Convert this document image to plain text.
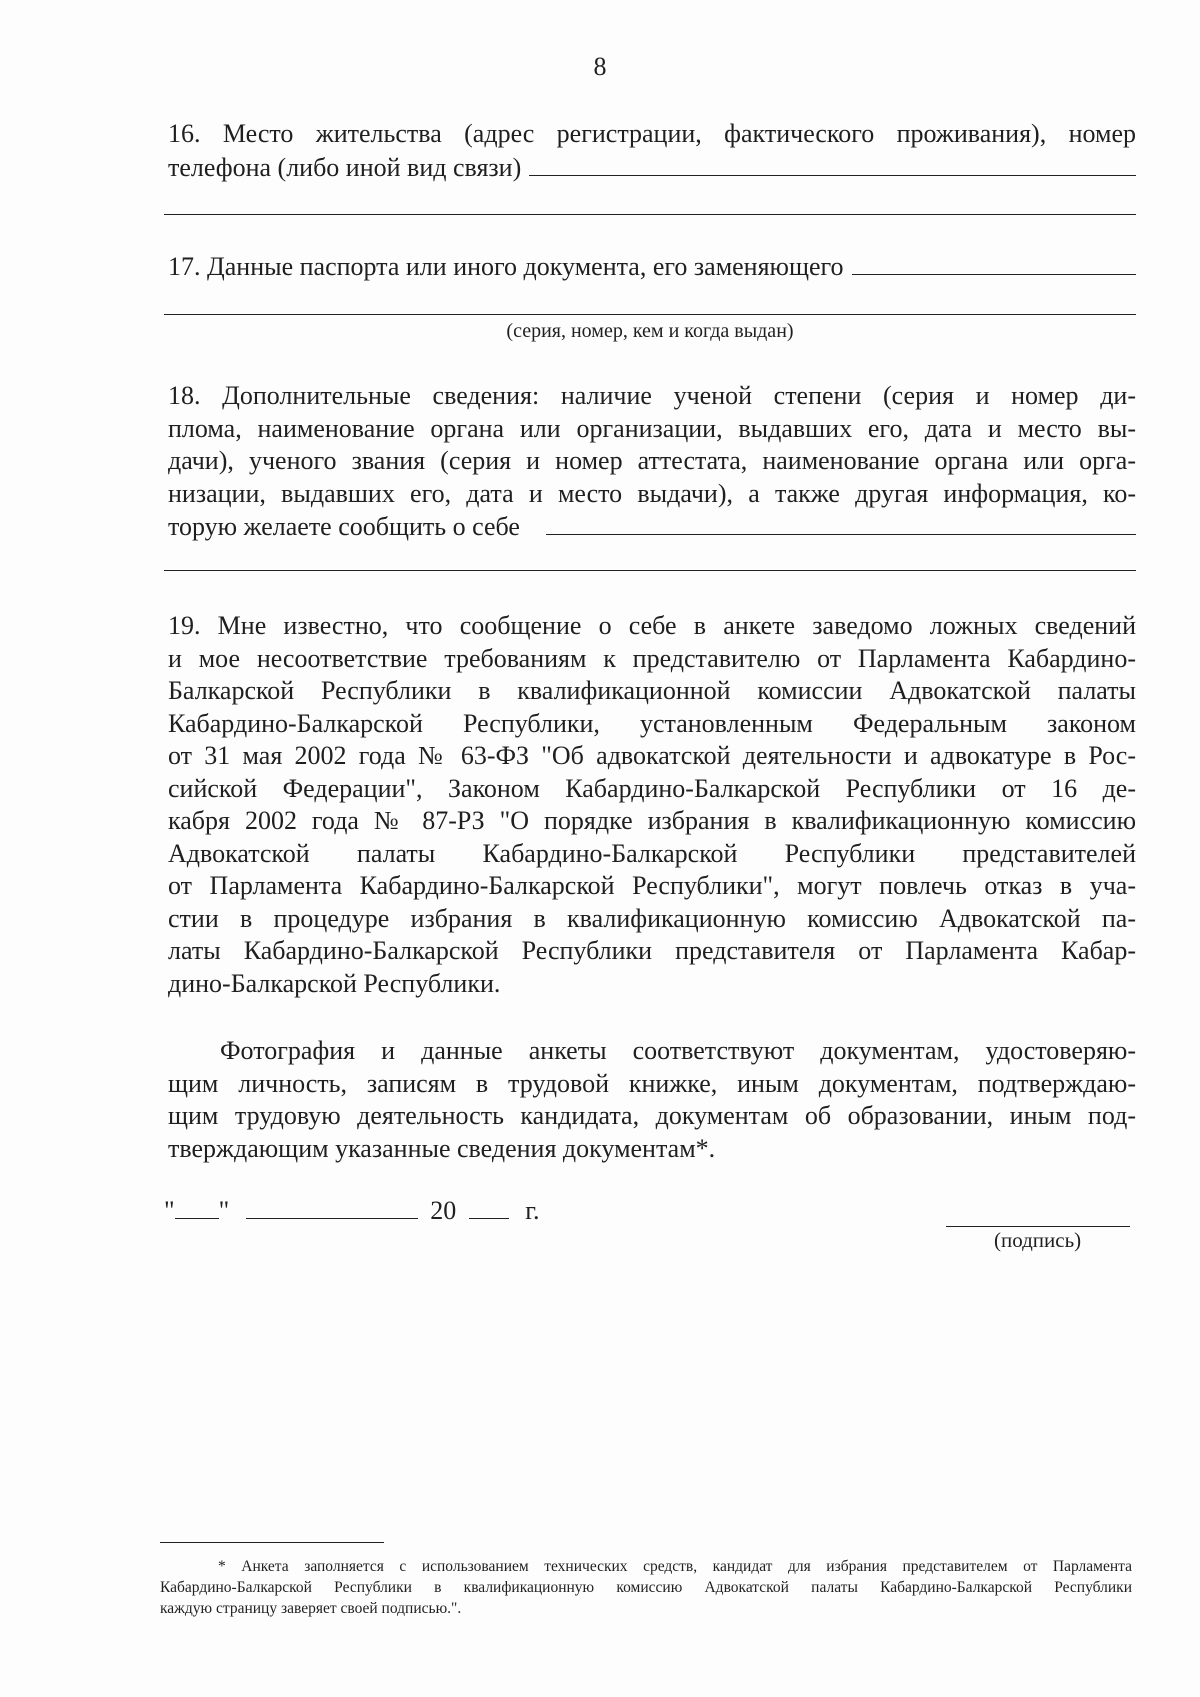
8
16. Место жительства (адрес регистрации, фактического проживания), номер
телефона (либо иной вид связи)
17. Данные паспорта или иного документа, его заменяющего
(серия, номер, кем и когда выдан)
18. Дополнительные сведения: наличие ученой степени (серия и номер ди-
плома, наименование органа или организации, выдавших его, дата и место вы-
дачи), ученого звания (серия и номер аттестата, наименование органа или орга-
низации, выдавших его, дата и место выдачи), а также другая информация, ко-
торую желаете сообщить о себе
19. Мне известно, что сообщение о себе в анкете заведомо ложных сведений
и мое несоответствие требованиям к представителю от Парламента Кабардино-
Балкарской Республики в квалификационной комиссии Адвокатской палаты
Кабардино-Балкарской Республики, установленным Федеральным законом
от 31 мая 2002 года № 63-ФЗ "Об адвокатской деятельности и адвокатуре в Рос-
сийской Федерации", Законом Кабардино-Балкарской Республики от 16 де-
кабря 2002 года № 87-РЗ "О порядке избрания в квалификационную комиссию
Адвокатской палаты Кабардино-Балкарской Республики представителей
от Парламента Кабардино-Балкарской Республики", могут повлечь отказ в уча-
стии в процедуре избрания в квалификационную комиссию Адвокатской па-
латы Кабардино-Балкарской Республики представителя от Парламента Кабар-
дино-Балкарской Республики.
Фотография и данные анкеты соответствуют документам, удостоверяю-
щим личность, записям в трудовой книжке, иным документам, подтверждаю-
щим трудовую деятельность кандидата, документам об образовании, иным под-
тверждающим указанные сведения документам*.
" "	20	г.
(подпись)
* Анкета заполняется с использованием технических средств, кандидат для избрания представителем от Парламента
Кабардино-Балкарской Республики в квалификационную комиссию Адвокатской палаты Кабардино-Балкарской Республики
каждую страницу заверяет своей подписью.".
